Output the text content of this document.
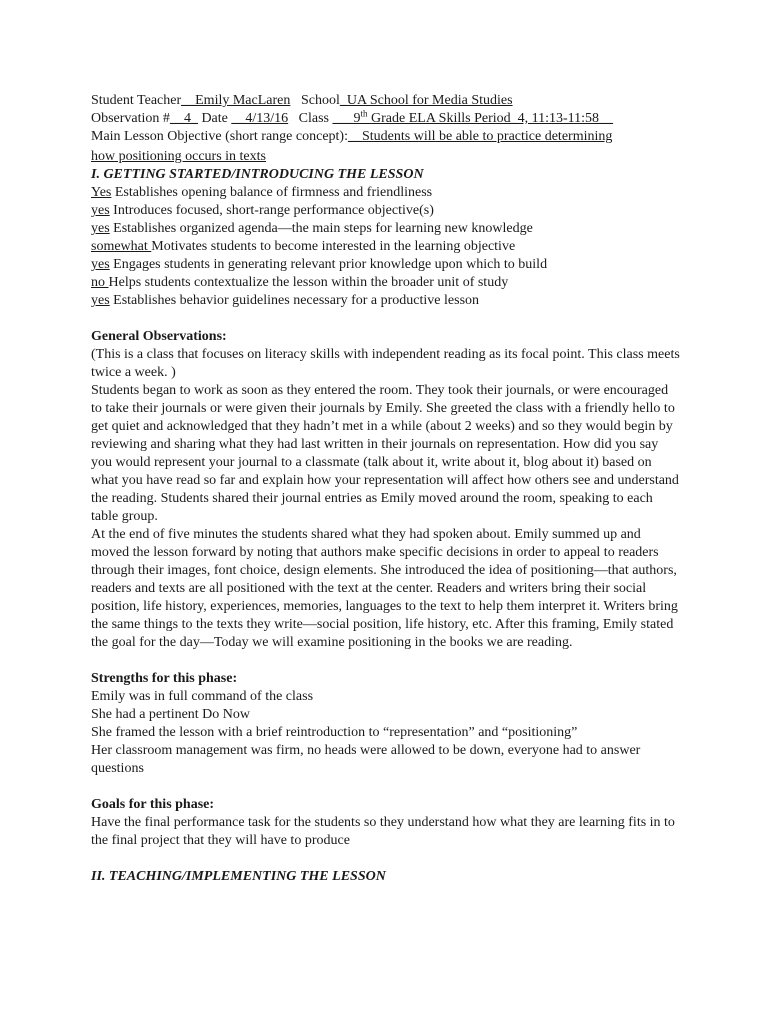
Student Teacher__Emily MacLaren School_UA School for Media Studies
Observation #__4_ Date __4/13/16 Class ___9th Grade ELA Skills Period_4, 11:13-11:58__
Main Lesson Objective (short range concept):__Students will be able to practice determining
how positioning occurs in texts
I. GETTING STARTED/INTRODUCING THE LESSON
Yes Establishes opening balance of firmness and friendliness
yes Introduces focused, short-range performance objective(s)
yes Establishes organized agenda—the main steps for learning new knowledge
somewhat Motivates students to become interested in the learning objective
yes Engages students in generating relevant prior knowledge upon which to build
no Helps students contextualize the lesson within the broader unit of study
yes Establishes behavior guidelines necessary for a productive lesson
General Observations:
(This is a class that focuses on literacy skills with independent reading as its focal point. This class meets twice a week. )
Students began to work as soon as they entered the room. They took their journals, or were encouraged to take their journals or were given their journals by Emily. She greeted the class with a friendly hello to get quiet and acknowledged that they hadn’t met in a while (about 2 weeks) and so they would begin by reviewing and sharing what they had last written in their journals on representation. How did you say you would represent your journal to a classmate (talk about it, write about it, blog about it) based on what you have read so far and explain how your representation will affect how others see and understand the reading. Students shared their journal entries as Emily moved around the room, speaking to each table group.
At the end of five minutes the students shared what they had spoken about. Emily summed up and moved the lesson forward by noting that authors make specific decisions in order to appeal to readers through their images, font choice, design elements. She introduced the idea of positioning—that authors, readers and texts are all positioned with the text at the center. Readers and writers bring their social position, life history, experiences, memories, languages to the text to help them interpret it. Writers bring the same things to the texts they write—social position, life history, etc. After this framing, Emily stated the goal for the day—Today we will examine positioning in the books we are reading.
Strengths for this phase:
Emily was in full command of the class
She had a pertinent Do Now
She framed the lesson with a brief reintroduction to “representation” and “positioning”
Her classroom management was firm, no heads were allowed to be down, everyone had to answer questions
Goals for this phase:
Have the final performance task for the students so they understand how what they are learning fits in to the final project that they will have to produce
II. TEACHING/IMPLEMENTING THE LESSON
